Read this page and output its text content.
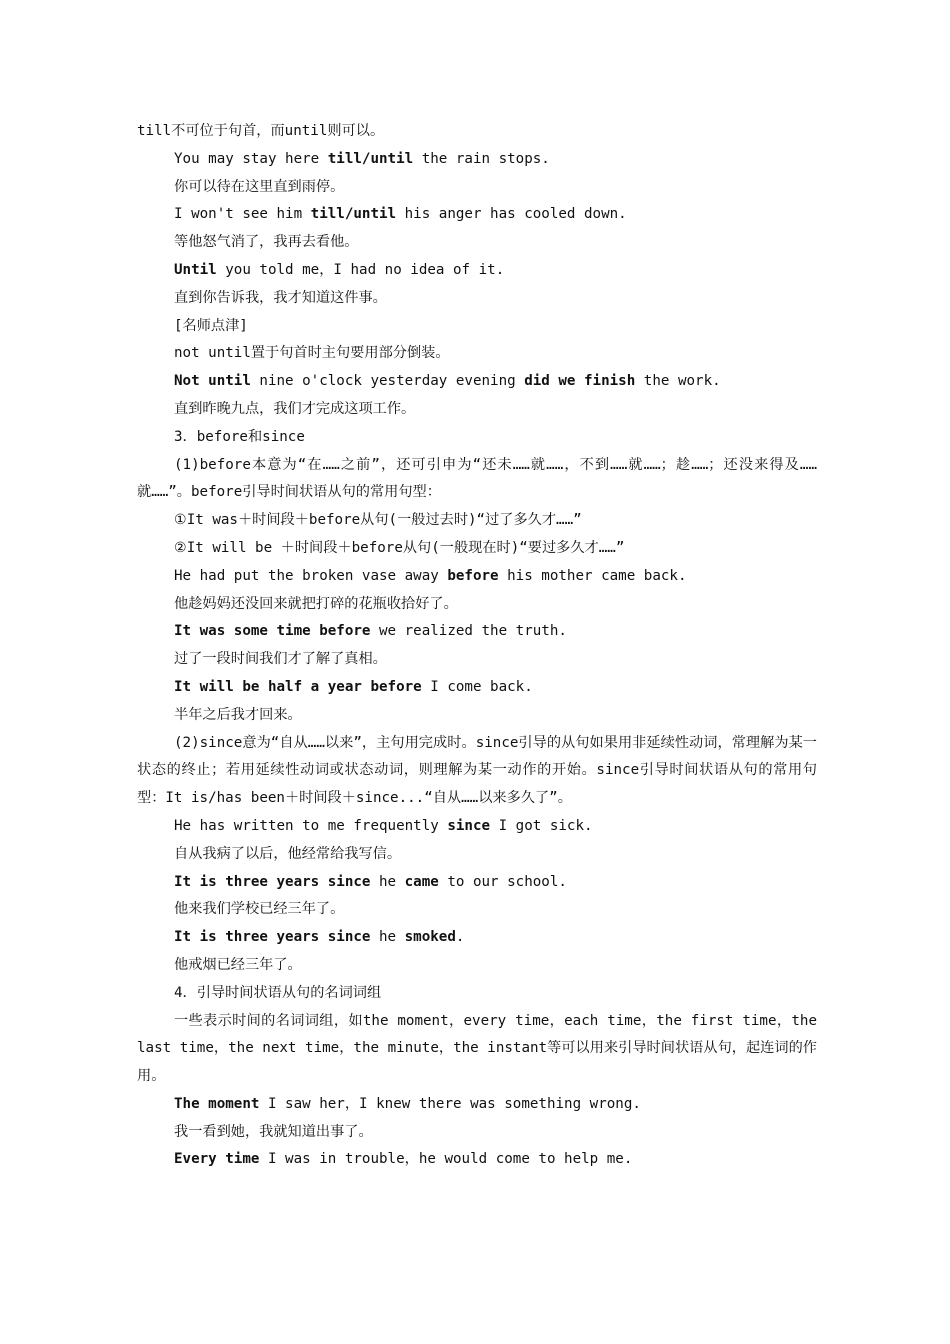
till不可位于句首，而until则可以。

You may stay here till/until the rain stops.

你可以待在这里直到雨停。

I won't see him till/until his anger has cooled down.

等他怒气消了，我再去看他。

Until you told me，I had no idea of it.

直到你告诉我，我才知道这件事。

[名师点津]

not until置于句首时主句要用部分倒装。

Not until nine o'clock yesterday evening did we finish the work.

直到昨晚九点，我们才完成这项工作。

3．before和since

(1)before本意为“在……之前”，还可引申为“还未……就……，不到……就……；趁……；还没来得及……就……”。before引导时间状语从句的常用句型：

①It was＋时间段＋before从句(一般过去时)“过了多久才……”

②It will be ＋时间段＋before从句(一般现在时)“要过多久才……”

He had put the broken vase away before his mother came back.

他趁妈妈还没回来就把打碎的花瓶收拾好了。

It was some time before we realized the truth.

过了一段时间我们才了解了真相。

It will be half a year before I come back.

半年之后我才回来。

(2)since意为“自从……以来”，主句用完成时。since引导的从句如果用非延续性动词，常理解为某一状态的终止；若用延续性动词或状态动词，则理解为某一动作的开始。since引导时间状语从句的常用句型：It is/has been＋时间段＋since...“自从……以来多久了”。

He has written to me frequently since I got sick.

自从我病了以后，他经常给我写信。

It is three years since he came to our school.

他来我们学校已经三年了。

It is three years since he smoked.

他戒烟已经三年了。

4．引导时间状语从句的名词词组

一些表示时间的名词词组，如the moment，every time，each time，the first time，the last time，the next time，the minute，the instant等可以用来引导时间状语从句，起连词的作用。

The moment I saw her，I knew there was something wrong.

我一看到她，我就知道出事了。

Every time I was in trouble，he would come to help me.
